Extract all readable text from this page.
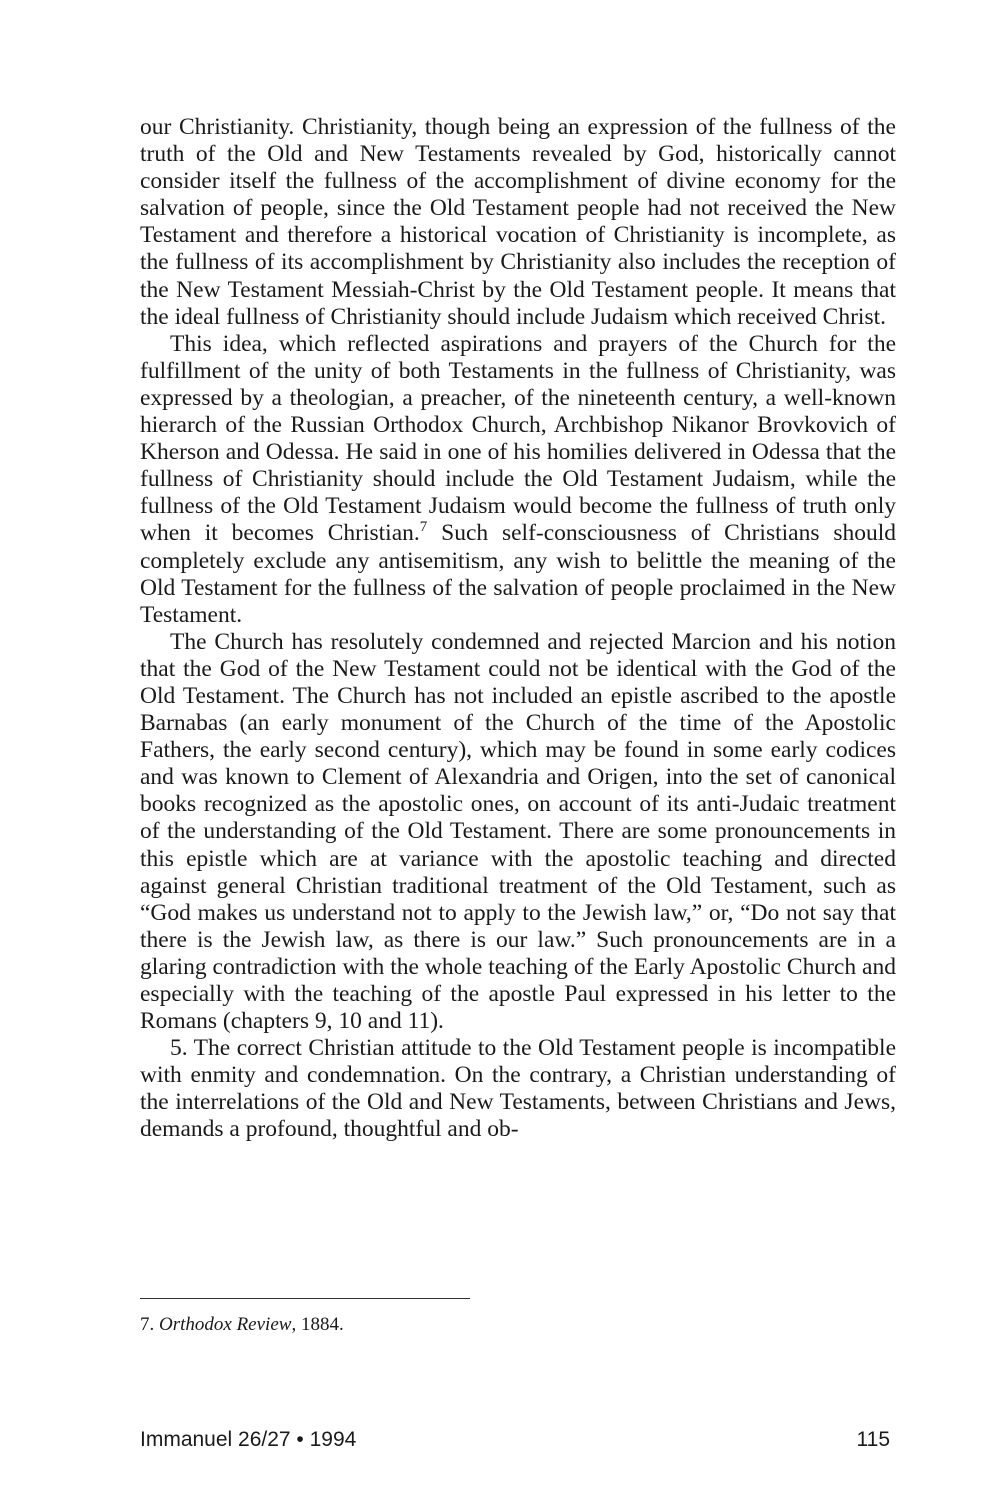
our Christianity. Christianity, though being an expression of the fullness of the truth of the Old and New Testaments revealed by God, historically cannot consider itself the fullness of the accomplishment of divine economy for the salvation of people, since the Old Testament people had not received the New Testament and therefore a historical vocation of Christianity is incomplete, as the fullness of its accomplishment by Christianity also includes the reception of the New Testament Messiah-Christ by the Old Testament people. It means that the ideal fullness of Christianity should include Judaism which received Christ.

This idea, which reflected aspirations and prayers of the Church for the fulfillment of the unity of both Testaments in the fullness of Christianity, was expressed by a theologian, a preacher, of the nineteenth century, a well-known hierarch of the Russian Orthodox Church, Archbishop Nikanor Brovkovich of Kherson and Odessa. He said in one of his homilies delivered in Odessa that the fullness of Christianity should include the Old Testament Judaism, while the fullness of the Old Testament Judaism would become the fullness of truth only when it becomes Christian.$^7$ Such self-consciousness of Christians should completely exclude any antisemitism, any wish to belittle the meaning of the Old Testament for the fullness of the salvation of people proclaimed in the New Testament.

The Church has resolutely condemned and rejected Marcion and his notion that the God of the New Testament could not be identical with the God of the Old Testament. The Church has not included an epistle ascribed to the apostle Barnabas (an early monument of the Church of the time of the Apostolic Fathers, the early second century), which may be found in some early codices and was known to Clement of Alexandria and Origen, into the set of canonical books recognized as the apostolic ones, on account of its anti-Judaic treatment of the understanding of the Old Testament. There are some pronouncements in this epistle which are at variance with the apostolic teaching and directed against general Christian traditional treatment of the Old Testament, such as “God makes us understand not to apply to the Jewish law,” or, “Do not say that there is the Jewish law, as there is our law.” Such pronouncements are in a glaring contradiction with the whole teaching of the Early Apostolic Church and especially with the teaching of the apostle Paul expressed in his letter to the Romans (chapters 9, 10 and 11).

5. The correct Christian attitude to the Old Testament people is incompatible with enmity and condemnation. On the contrary, a Christian understanding of the interrelations of the Old and New Testaments, between Christians and Jews, demands a profound, thoughtful and ob-

7. Orthodox Review, 1884.
Immanuel 26/27 • 1994	115
